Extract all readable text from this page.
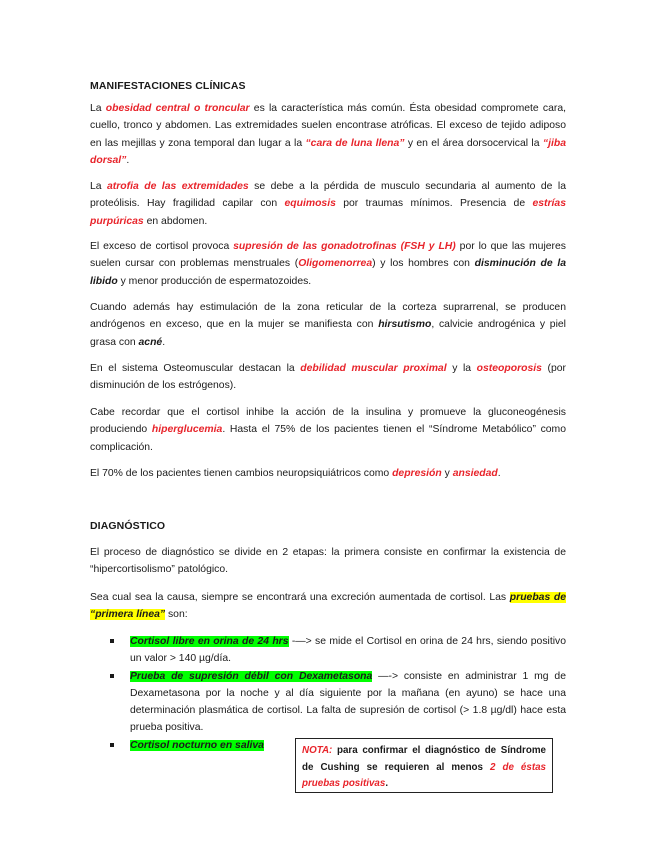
MANIFESTACIONES CLÍNICAS

La obesidad central o troncular es la característica más común. Ésta obesidad compromete cara, cuello, tronco y abdomen. Las extremidades suelen encontrase atróficas. El exceso de tejido adiposo en las mejillas y zona temporal dan lugar a la “cara de luna llena” y en el área dorsocervical la “jiba dorsal”.

La atrofia de las extremidades se debe a la pérdida de musculo secundaria al aumento de la proteólisis. Hay fragilidad capilar con equimosis por traumas mínimos. Presencia de estrías purpúricas en abdomen.

El exceso de cortisol provoca supresión de las gonadotrofinas (FSH y LH) por lo que las mujeres suelen cursar con problemas menstruales (Oligomenorrea) y los hombres con disminución de la libido y menor producción de espermatozoides.

Cuando además hay estimulación de la zona reticular de la corteza suprarrenal, se producen andrógenos en exceso, que en la mujer se manifiesta con hirsutismo, calvicie androgénica y piel grasa con acné.

En el sistema Osteomuscular destacan la debilidad muscular proximal y la osteoporosis (por disminución de los estrógenos).

Cabe recordar que el cortisol inhibe la acción de la insulina y promueve la gluconeogénesis produciendo hiperglucemia. Hasta el 75% de los pacientes tienen el “Síndrome Metabólico” como complicación.

El 70% de los pacientes tienen cambios neuropsiquiátricos como depresión y ansiedad.

DIAGNÓSTICO

El proceso de diagnóstico se divide en 2 etapas: la primera consiste en confirmar la existencia de “hipercortisolismo” patológico.

Sea cual sea la causa, siempre se encontrará una excreción aumentada de cortisol. Las pruebas de “primera línea” son:

Cortisol libre en orina de 24 hrs -—> se mide el Cortisol en orina de 24 hrs, siendo positivo un valor > 140 µg/día.
Prueba de supresión débil con Dexametasona —-> consiste en administrar 1 mg de Dexametasona por la noche y al día siguiente por la mañana (en ayuno) se hace una determinación plasmática de cortisol. La falta de supresión de cortisol (> 1.8 µg/dl) hace esta prueba positiva.
Cortisol nocturno en saliva	NOTA: para confirmar el diagnóstico de Síndrome de Cushing se requieren al menos 2 de éstas pruebas positivas.
